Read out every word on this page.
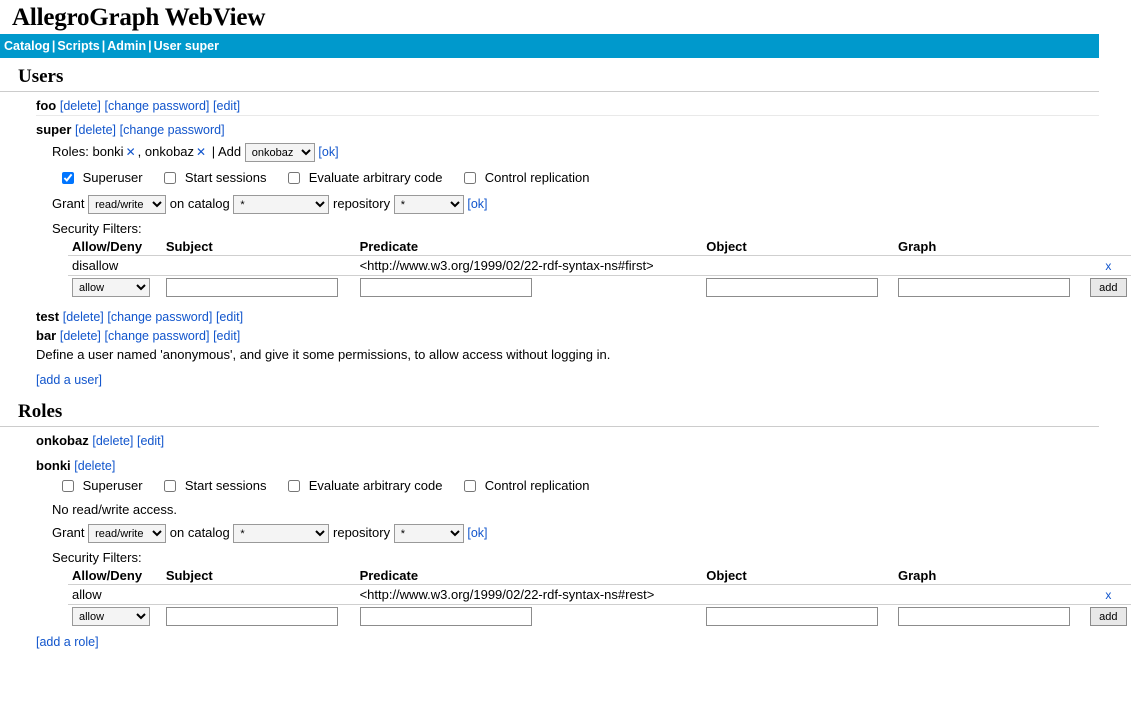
AllegroGraph WebView
Catalog | Scripts | Admin | User super
Users
foo [delete] [change password] [edit]
super [delete] [change password]
Roles: bonki ✕ , onkobaz ✕ | Add
onkobaz	[ok]
Superuser	Start sessions	Evaluate arbitrary code	Control replication
Grant
read/write	on catalog
*	repository
*	[ok]
Security Filters:
Allow/Deny	Subject	Predicate	Object	Graph	
disallow		<http://www.w3.org/1999/02/22-rdf-syntax-ns#first>			x

allow					add
test [delete] [change password] [edit]
bar [delete] [change password] [edit]
Define a user named 'anonymous', and give it some permissions, to allow access without logging in.
[add a user]
Roles
onkobaz [delete] [edit]
bonki [delete]
Superuser	Start sessions	Evaluate arbitrary code	Control replication
No read/write access.
Grant
read/write	on catalog
*	repository
*	[ok]
Security Filters:
Allow/Deny	Subject	Predicate	Object	Graph	
allow		<http://www.w3.org/1999/02/22-rdf-syntax-ns#rest>			x

allow					add
[add a role]
